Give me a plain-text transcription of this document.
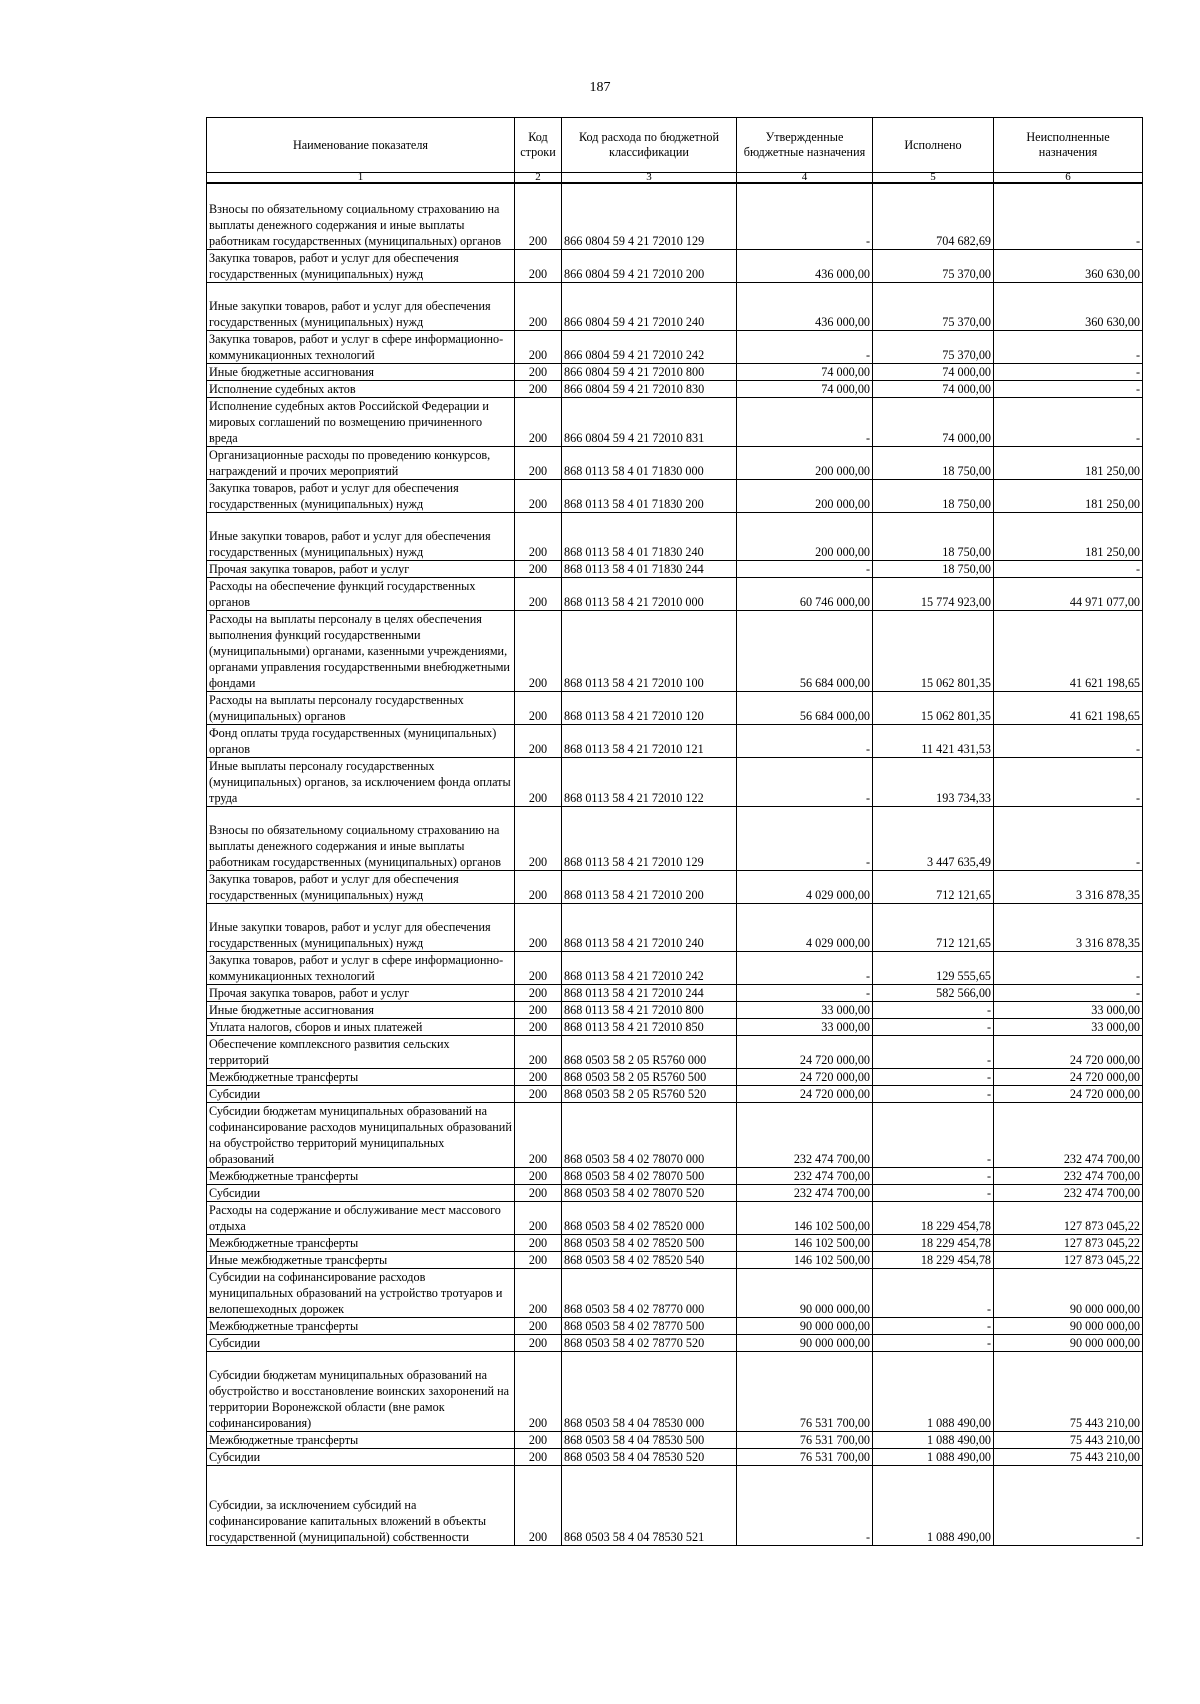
187
Наименование показателя	Код строки	Код расхода по бюджетной классификации	Утвержденные бюджетные назначения	Исполнено	Неисполненные назначения
1	2	3	4	5	6
Взносы по обязательному социальному страхованию на выплаты денежного содержания и иные выплаты работникам государственных (муниципальных) органов	200	866 0804 59 4 21 72010 129	-	704 682,69	-
Закупка товаров, работ и услуг для обеспечения государственных (муниципальных) нужд	200	866 0804 59 4 21 72010 200	436 000,00	75 370,00	360 630,00
Иные закупки товаров, работ и услуг для обеспечения государственных (муниципальных) нужд	200	866 0804 59 4 21 72010 240	436 000,00	75 370,00	360 630,00
Закупка товаров, работ и услуг в сфере информационно-коммуникационных технологий	200	866 0804 59 4 21 72010 242	-	75 370,00	-
Иные бюджетные ассигнования	200	866 0804 59 4 21 72010 800	74 000,00	74 000,00	-
Исполнение судебных актов	200	866 0804 59 4 21 72010 830	74 000,00	74 000,00	-
Исполнение судебных актов Российской Федерации и мировых соглашений по возмещению причиненного вреда	200	866 0804 59 4 21 72010 831	-	74 000,00	-
Организационные расходы по проведению конкурсов, награждений и прочих мероприятий	200	868 0113 58 4 01 71830 000	200 000,00	18 750,00	181 250,00
Закупка товаров, работ и услуг для обеспечения государственных (муниципальных) нужд	200	868 0113 58 4 01 71830 200	200 000,00	18 750,00	181 250,00
Иные закупки товаров, работ и услуг для обеспечения государственных (муниципальных) нужд	200	868 0113 58 4 01 71830 240	200 000,00	18 750,00	181 250,00
Прочая закупка товаров, работ и услуг	200	868 0113 58 4 01 71830 244	-	18 750,00	-
Расходы на обеспечение функций государственных органов	200	868 0113 58 4 21 72010 000	60 746 000,00	15 774 923,00	44 971 077,00
Расходы на выплаты персоналу в целях обеспечения выполнения функций государственными (муниципальными) органами, казенными учреждениями, органами управления государственными внебюджетными фондами	200	868 0113 58 4 21 72010 100	56 684 000,00	15 062 801,35	41 621 198,65
Расходы на выплаты персоналу государственных (муниципальных) органов	200	868 0113 58 4 21 72010 120	56 684 000,00	15 062 801,35	41 621 198,65
Фонд оплаты труда государственных (муниципальных) органов	200	868 0113 58 4 21 72010 121	-	11 421 431,53	-
Иные выплаты персоналу государственных (муниципальных) органов, за исключением фонда оплаты труда	200	868 0113 58 4 21 72010 122	-	193 734,33	-
Взносы по обязательному социальному страхованию на выплаты денежного содержания и иные выплаты работникам государственных (муниципальных) органов	200	868 0113 58 4 21 72010 129	-	3 447 635,49	-
Закупка товаров, работ и услуг для обеспечения государственных (муниципальных) нужд	200	868 0113 58 4 21 72010 200	4 029 000,00	712 121,65	3 316 878,35
Иные закупки товаров, работ и услуг для обеспечения государственных (муниципальных) нужд	200	868 0113 58 4 21 72010 240	4 029 000,00	712 121,65	3 316 878,35
Закупка товаров, работ и услуг в сфере информационно-коммуникационных технологий	200	868 0113 58 4 21 72010 242	-	129 555,65	-
Прочая закупка товаров, работ и услуг	200	868 0113 58 4 21 72010 244	-	582 566,00	-
Иные бюджетные ассигнования	200	868 0113 58 4 21 72010 800	33 000,00	-	33 000,00
Уплата налогов, сборов и иных платежей	200	868 0113 58 4 21 72010 850	33 000,00	-	33 000,00
Обеспечение комплексного развития сельских территорий	200	868 0503 58 2 05 R5760 000	24 720 000,00	-	24 720 000,00
Межбюджетные трансферты	200	868 0503 58 2 05 R5760 500	24 720 000,00	-	24 720 000,00
Субсидии	200	868 0503 58 2 05 R5760 520	24 720 000,00	-	24 720 000,00
Субсидии бюджетам муниципальных образований на софинансирование расходов муниципальных образований на обустройство территорий муниципальных образований	200	868 0503 58 4 02 78070 000	232 474 700,00	-	232 474 700,00
Межбюджетные трансферты	200	868 0503 58 4 02 78070 500	232 474 700,00	-	232 474 700,00
Субсидии	200	868 0503 58 4 02 78070 520	232 474 700,00	-	232 474 700,00
Расходы на содержание и обслуживание мест массового отдыха	200	868 0503 58 4 02 78520 000	146 102 500,00	18 229 454,78	127 873 045,22
Межбюджетные трансферты	200	868 0503 58 4 02 78520 500	146 102 500,00	18 229 454,78	127 873 045,22
Иные межбюджетные трансферты	200	868 0503 58 4 02 78520 540	146 102 500,00	18 229 454,78	127 873 045,22
Субсидии на софинансирование расходов муниципальных образований на устройство тротуаров и велопешеходных дорожек	200	868 0503 58 4 02 78770 000	90 000 000,00	-	90 000 000,00
Межбюджетные трансферты	200	868 0503 58 4 02 78770 500	90 000 000,00	-	90 000 000,00
Субсидии	200	868 0503 58 4 02 78770 520	90 000 000,00	-	90 000 000,00
Субсидии бюджетам муниципальных образований на обустройство и восстановление воинских захоронений на территории Воронежской области (вне рамок софинансирования)	200	868 0503 58 4 04 78530 000	76 531 700,00	1 088 490,00	75 443 210,00
Межбюджетные трансферты	200	868 0503 58 4 04 78530 500	76 531 700,00	1 088 490,00	75 443 210,00
Субсидии	200	868 0503 58 4 04 78530 520	76 531 700,00	1 088 490,00	75 443 210,00
Субсидии, за исключением субсидий на софинансирование капитальных вложений в объекты государственной (муниципальной) собственности	200	868 0503 58 4 04 78530 521	-	1 088 490,00	-
